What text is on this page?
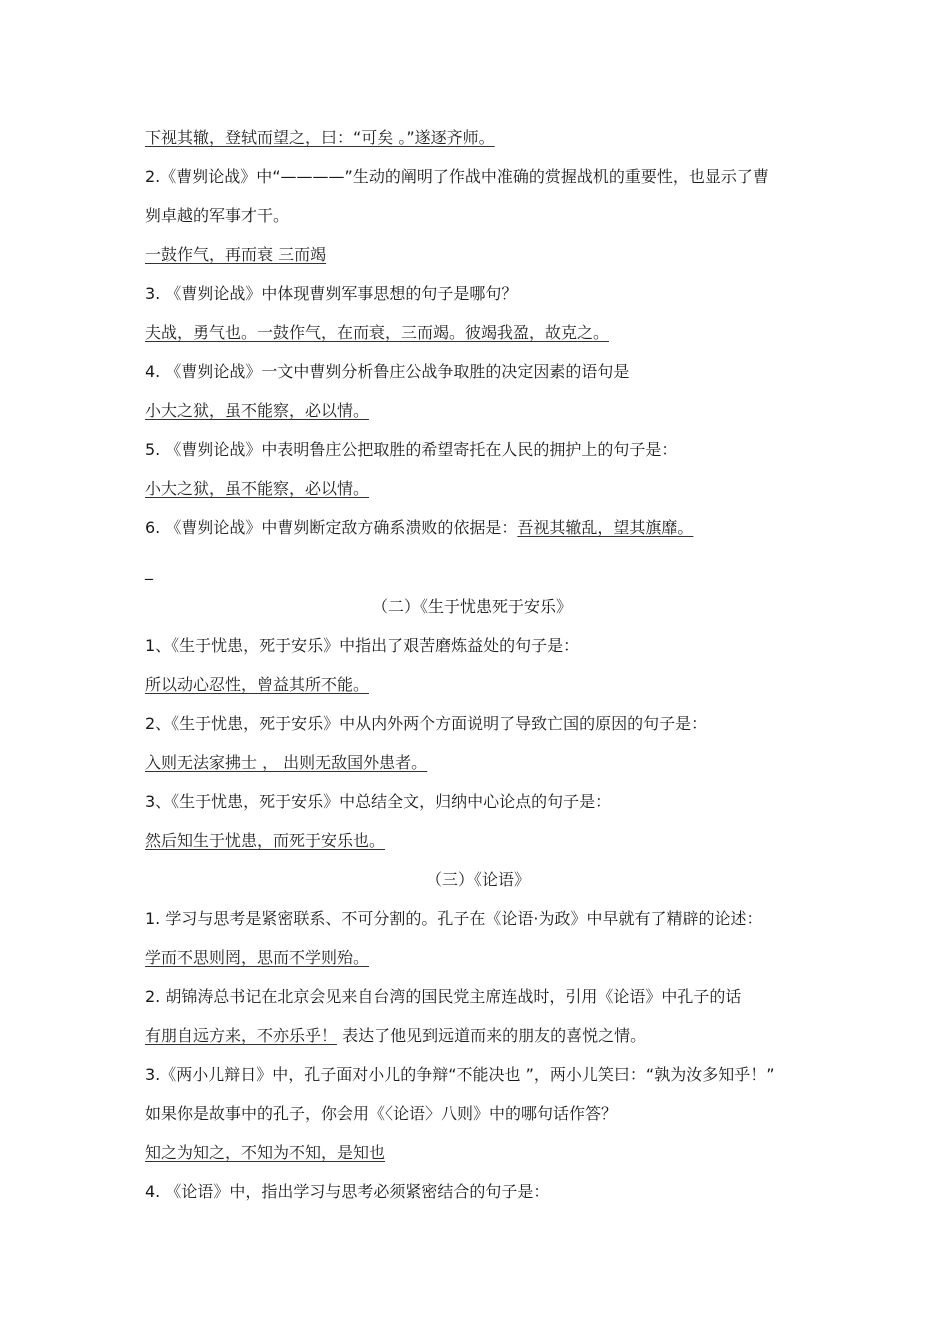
下视其辙，登轼而望之，曰：“可矣 。”遂逐齐师。
2.《曹刿论战》中“————”生动的阐明了作战中准确的赏握战机的重要性，也显示了曹
刿卓越的军事才干。
一鼓作气，再而衰 三而竭
3. 《曹刿论战》中体现曹刿军事思想的句子是哪句？
夫战，勇气也。一鼓作气，在而衰，三而竭。彼竭我盈，故克之。
4. 《曹刿论战》一文中曹刿分析鲁庄公战争取胜的决定因素的语句是
小大之狱，虽不能察，必以情。
5. 《曹刿论战》中表明鲁庄公把取胜的希望寄托在人民的拥护上的句子是：
小大之狱，虽不能察，必以情。
6. 《曹刿论战》中曹刿断定敌方确系溃败的依据是：吾视其辙乱，望其旗靡。
_
（二）《生于忧患死于安乐》
1、《生于忧患，死于安乐》中指出了艰苦磨炼益处的句子是：
所以动心忍性，曾益其所不能。
2、《生于忧患，死于安乐》中从内外两个方面说明了导致亡国的原因的句子是：
入则无法家拂士 ， 出则无敌国外患者。
3、《生于忧患，死于安乐》中总结全文，归纳中心论点的句子是：
然后知生于忧患，而死于安乐也。
（三）《论语》
1. 学习与思考是紧密联系、不可分割的。孔子在《论语·为政》中早就有了精辟的论述：
学而不思则罔，思而不学则殆。
2. 胡锦涛总书记在北京会见来自台湾的国民党主席连战时，引用《论语》中孔子的话
有朋自远方来，不亦乐乎！ 表达了他见到远道而来的朋友的喜悦之情。
3.《两小儿辩日》中，孔子面对小儿的争辩“不能决也 ”，两小儿笑曰：“孰为汝多知乎！”
如果你是故事中的孔子，你会用《〈论语〉八则》中的哪句话作答？
知之为知之，不知为不知，是知也
4. 《论语》中，指出学习与思考必须紧密结合的句子是：
